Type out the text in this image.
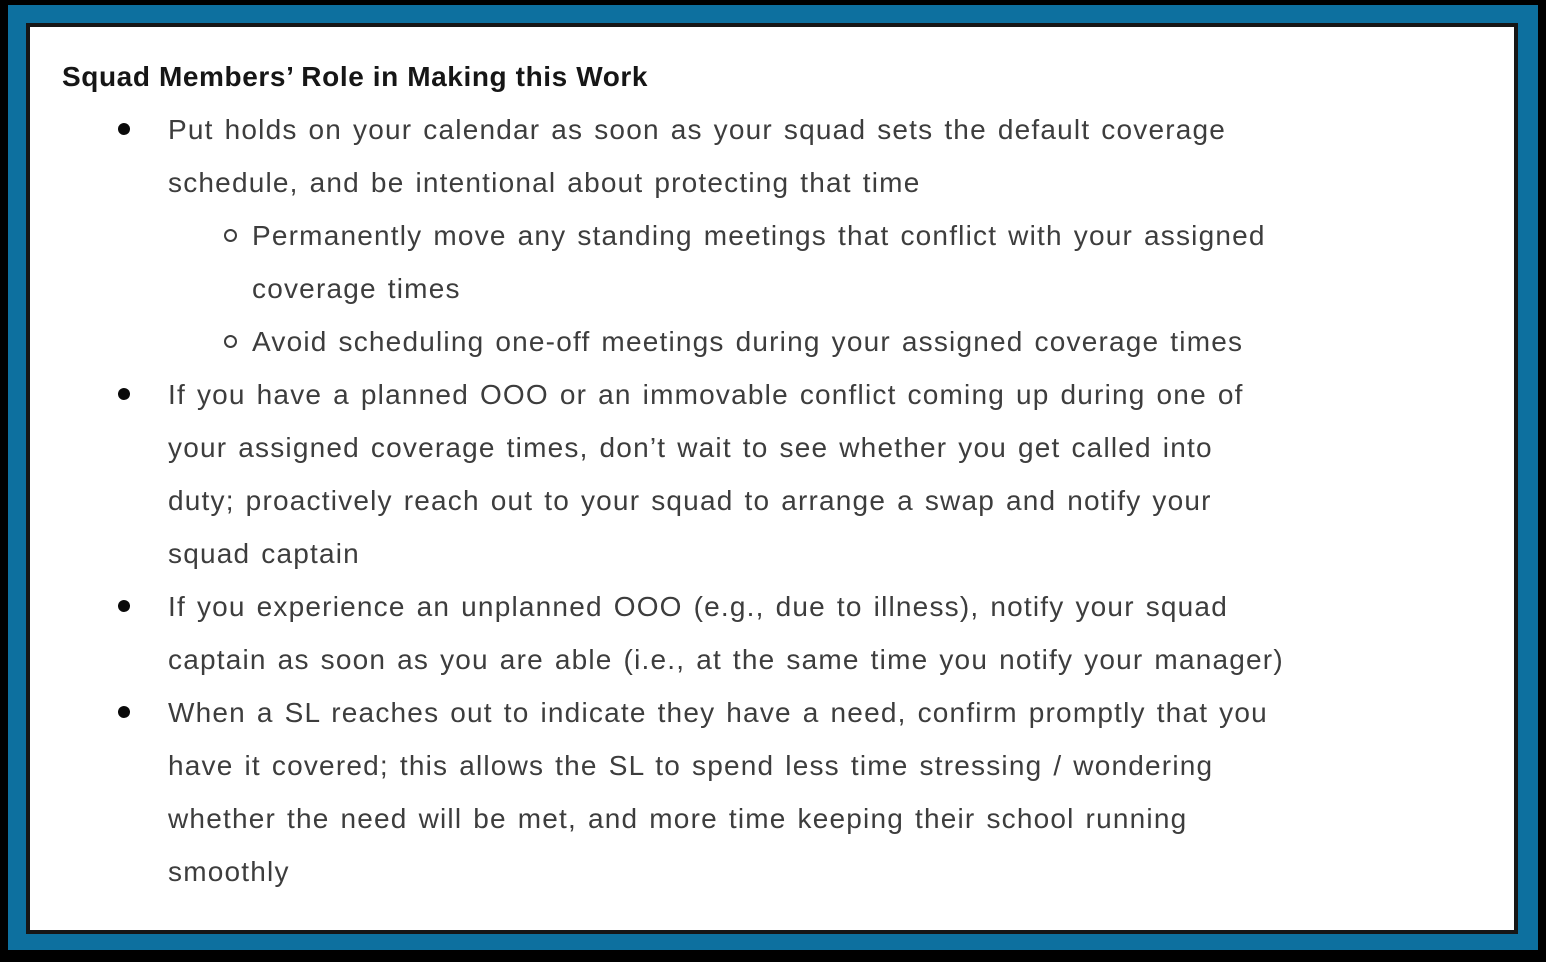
Squad Members’ Role in Making this Work
Put holds on your calendar as soon as your squad sets the default coverage
schedule, and be intentional about protecting that time
Permanently move any standing meetings that conflict with your assigned
coverage times
Avoid scheduling one-off meetings during your assigned coverage times
If you have a planned OOO or an immovable conflict coming up during one of
your assigned coverage times, don’t wait to see whether you get called into
duty; proactively reach out to your squad to arrange a swap and notify your
squad captain
If you experience an unplanned OOO (e.g., due to illness), notify your squad
captain as soon as you are able (i.e., at the same time you notify your manager)
When a SL reaches out to indicate they have a need, confirm promptly that you
have it covered; this allows the SL to spend less time stressing / wondering
whether the need will be met, and more time keeping their school running
smoothly
